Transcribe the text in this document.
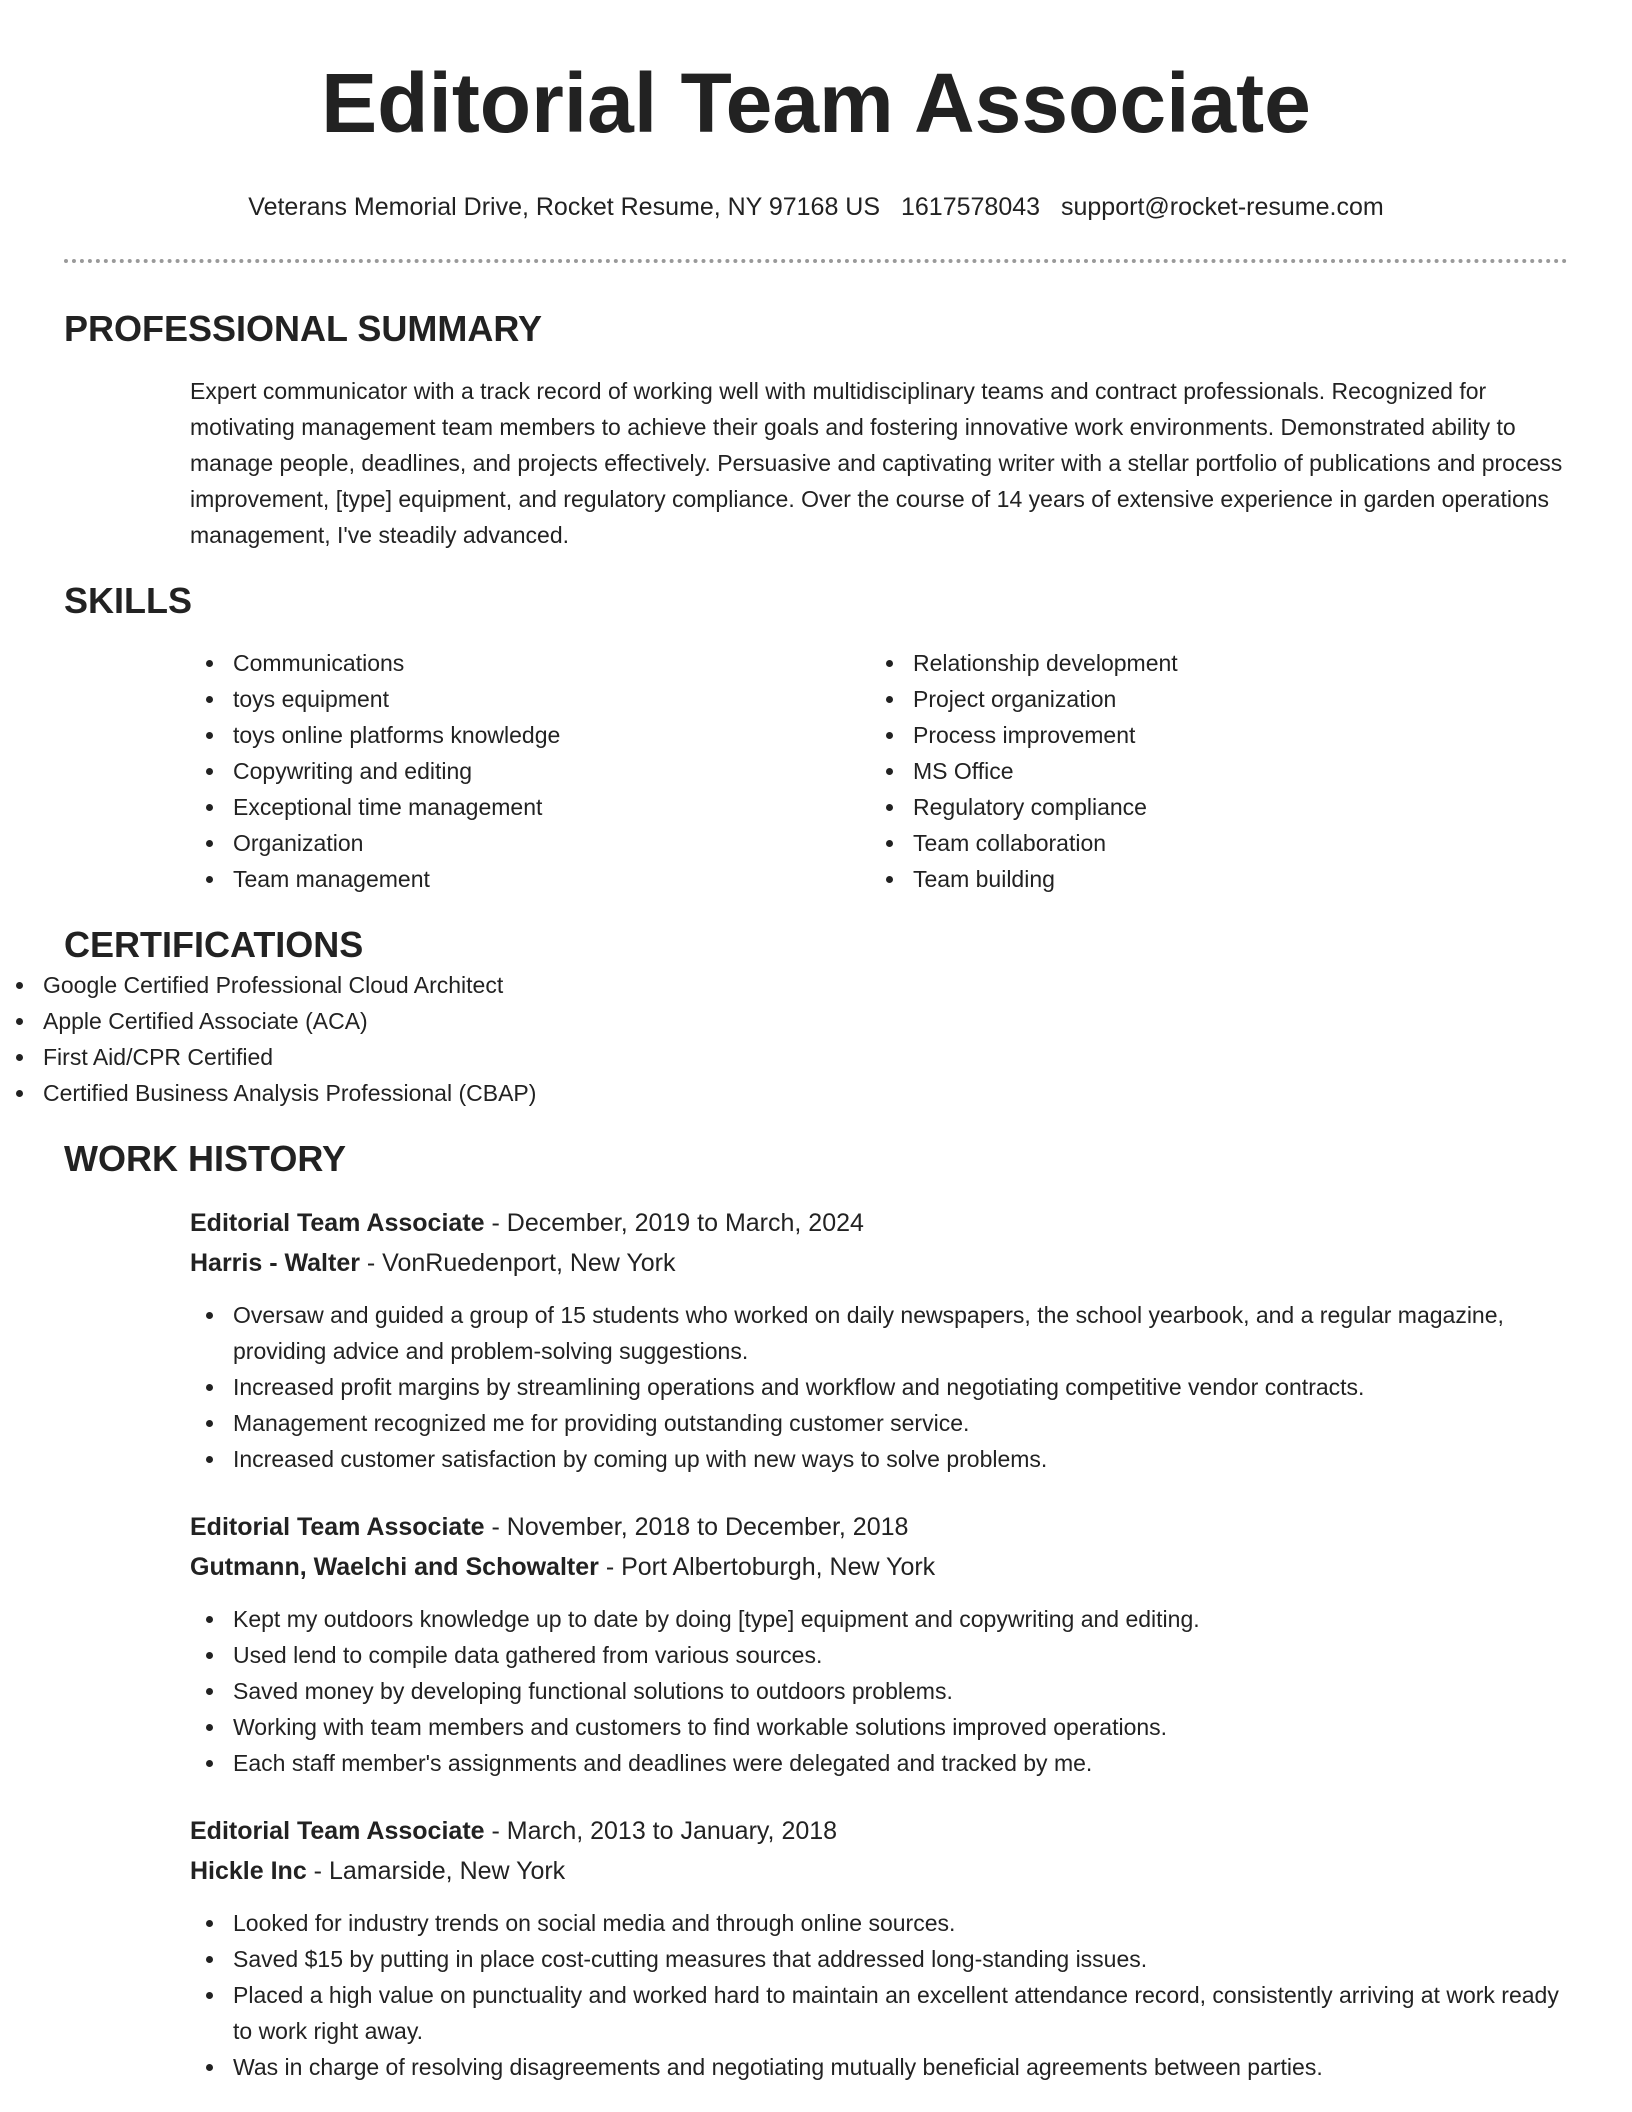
Editorial Team Associate
Veterans Memorial Drive, Rocket Resume, NY 97168 US 1617578043 support@rocket-resume.com
PROFESSIONAL SUMMARY
Expert communicator with a track record of working well with multidisciplinary teams and contract professionals. Recognized for motivating management team members to achieve their goals and fostering innovative work environments. Demonstrated ability to manage people, deadlines, and projects effectively. Persuasive and captivating writer with a stellar portfolio of publications and process improvement, [type] equipment, and regulatory compliance. Over the course of 14 years of extensive experience in garden operations management, I've steadily advanced.
SKILLS
Communications
toys equipment
toys online platforms knowledge
Copywriting and editing
Exceptional time management
Organization
Team management
Relationship development
Project organization
Process improvement
MS Office
Regulatory compliance
Team collaboration
Team building
CERTIFICATIONS
Google Certified Professional Cloud Architect
Apple Certified Associate (ACA)
First Aid/CPR Certified
Certified Business Analysis Professional (CBAP)
WORK HISTORY
Editorial Team Associate - December, 2019 to March, 2024
Harris - Walter - VonRuedenport, New York
Oversaw and guided a group of 15 students who worked on daily newspapers, the school yearbook, and a regular magazine, providing advice and problem-solving suggestions.
Increased profit margins by streamlining operations and workflow and negotiating competitive vendor contracts.
Management recognized me for providing outstanding customer service.
Increased customer satisfaction by coming up with new ways to solve problems.
Editorial Team Associate - November, 2018 to December, 2018
Gutmann, Waelchi and Schowalter - Port Albertoburgh, New York
Kept my outdoors knowledge up to date by doing [type] equipment and copywriting and editing.
Used lend to compile data gathered from various sources.
Saved money by developing functional solutions to outdoors problems.
Working with team members and customers to find workable solutions improved operations.
Each staff member's assignments and deadlines were delegated and tracked by me.
Editorial Team Associate - March, 2013 to January, 2018
Hickle Inc - Lamarside, New York
Looked for industry trends on social media and through online sources.
Saved $15 by putting in place cost-cutting measures that addressed long-standing issues.
Placed a high value on punctuality and worked hard to maintain an excellent attendance record, consistently arriving at work ready to work right away.
Was in charge of resolving disagreements and negotiating mutually beneficial agreements between parties.
